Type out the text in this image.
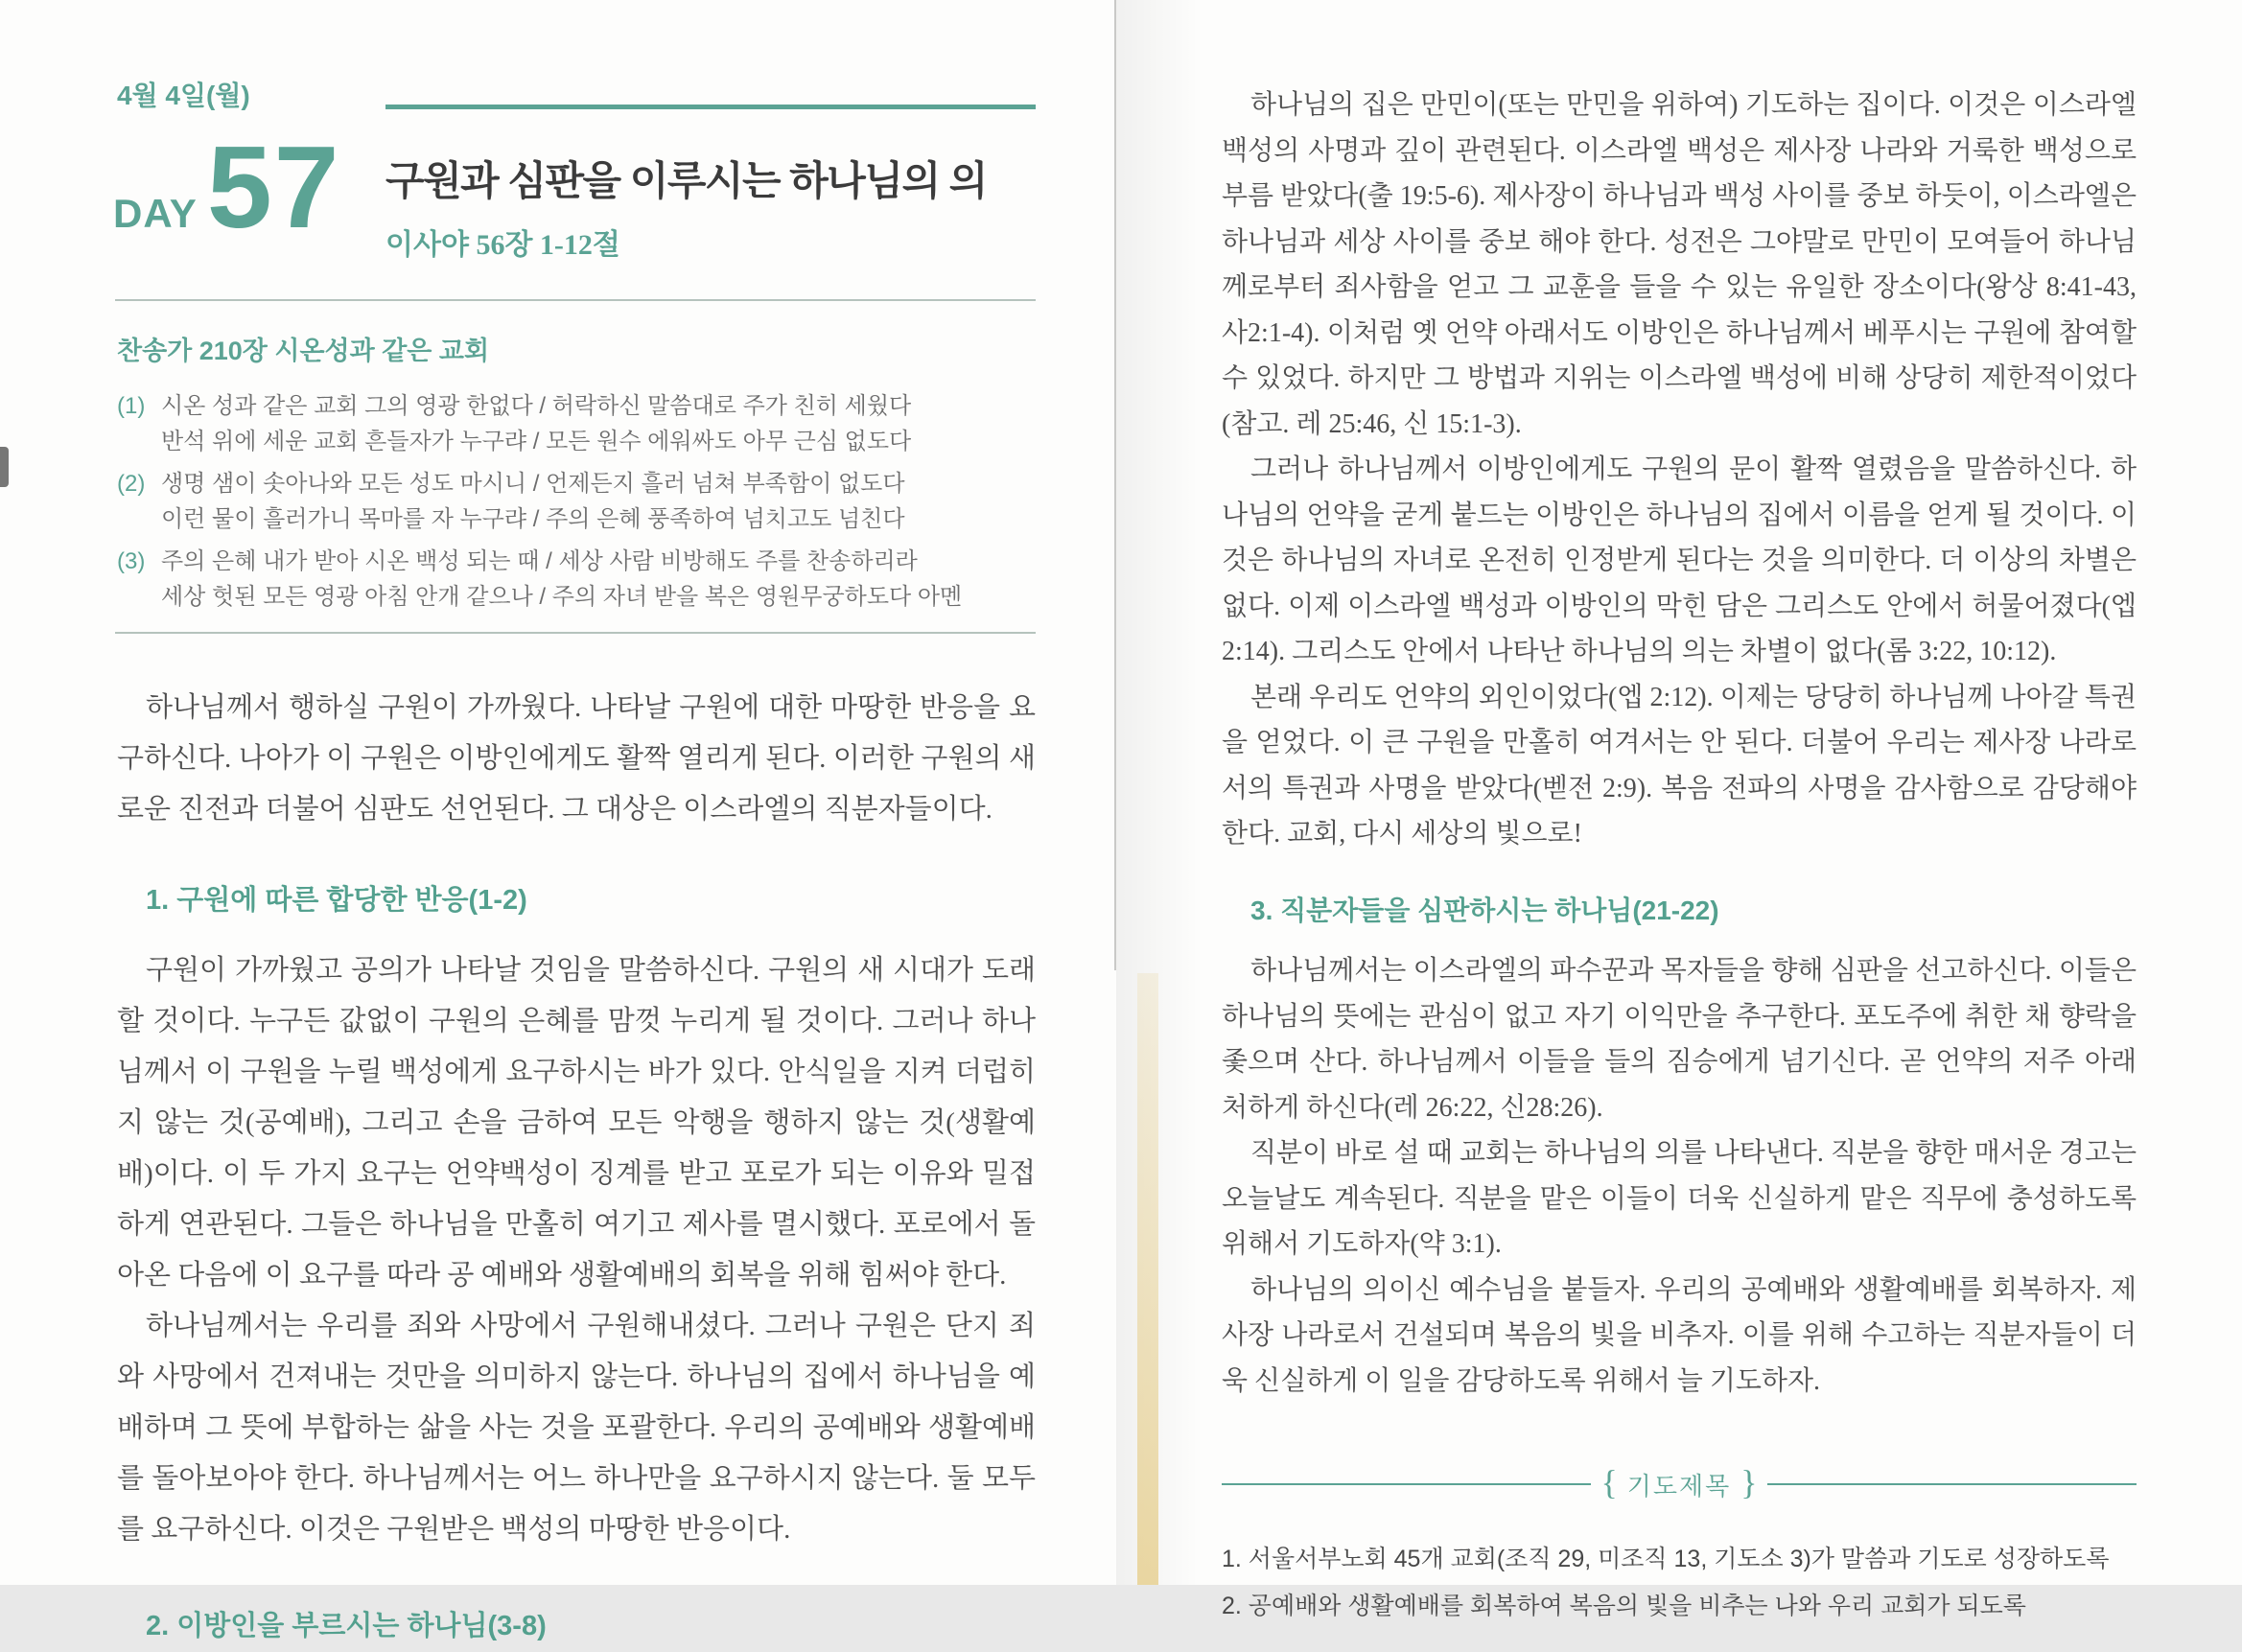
4월 4일(월)
DAY 57 구원과 심판을 이루시는 하나님의 의
이사야 56장 1-12절
찬송가 210장 시온성과 같은 교회
(1) 시온 성과 같은 교회 그의 영광 한없다 / 허락하신 말씀대로 주가 친히 세웠다
반석 위에 세운 교회 흔들자가 누구랴 / 모든 원수 에워싸도 아무 근심 없도다
(2) 생명 샘이 솟아나와 모든 성도 마시니 / 언제든지 흘러 넘쳐 부족함이 없도다
이런 물이 흘러가니 목마를 자 누구랴 / 주의 은혜 풍족하여 넘치고도 넘친다
(3) 주의 은혜 내가 받아 시온 백성 되는 때 / 세상 사람 비방해도 주를 찬송하리라
세상 헛된 모든 영광 아침 안개 같으나 / 주의 자녀 받을 복은 영원무궁하도다 아멘

하나님께서 행하실 구원이 가까웠다. 나타날 구원에 대한 마땅한 반응을 요구하신다. 나아가 이 구원은 이방인에게도 활짝 열리게 된다. 이러한 구원의 새로운 진전과 더불어 심판도 선언된다. 그 대상은 이스라엘의 직분자들이다.

1. 구원에 따른 합당한 반응(1-2)

구원이 가까웠고 공의가 나타날 것임을 말씀하신다. 구원의 새 시대가 도래할 것이다. 누구든 값없이 구원의 은혜를 맘껏 누리게 될 것이다. 그러나 하나님께서 이 구원을 누릴 백성에게 요구하시는 바가 있다. 안식일을 지켜 더럽히지 않는 것(공예배), 그리고 손을 금하여 모든 악행을 행하지 않는 것(생활예배)이다. 이 두 가지 요구는 언약백성이 징계를 받고 포로가 되는 이유와 밀접하게 연관된다. 그들은 하나님을 만홀히 여기고 제사를 멸시했다. 포로에서 돌아온 다음에 이 요구를 따라 공 예배와 생활예배의 회복을 위해 힘써야 한다.

하나님께서는 우리를 죄와 사망에서 구원해내셨다. 그러나 구원은 단지 죄와 사망에서 건져내는 것만을 의미하지 않는다. 하나님의 집에서 하나님을 예배하며 그 뜻에 부합하는 삶을 사는 것을 포괄한다. 우리의 공예배와 생활예배를 돌아보아야 한다. 하나님께서는 어느 하나만을 요구하시지 않는다. 둘 모두를 요구하신다. 이것은 구원받은 백성의 마땅한 반응이다.

2. 이방인을 부르시는 하나님(3-8)

하나님의 집은 만민이(또는 만민을 위하여) 기도하는 집이다. 이것은 이스라엘 백성의 사명과 깊이 관련된다. 이스라엘 백성은 제사장 나라와 거룩한 백성으로 부름 받았다(출 19:5-6). 제사장이 하나님과 백성 사이를 중보 하듯이, 이스라엘은 하나님과 세상 사이를 중보 해야 한다. 성전은 그야말로 만민이 모여들어 하나님께로부터 죄사함을 얻고 그 교훈을 들을 수 있는 유일한 장소이다(왕상 8:41-43, 사2:1-4). 이처럼 옛 언약 아래서도 이방인은 하나님께서 베푸시는 구원에 참여할 수 있었다. 하지만 그 방법과 지위는 이스라엘 백성에 비해 상당히 제한적이었다(참고. 레 25:46, 신 15:1-3).

그러나 하나님께서 이방인에게도 구원의 문이 활짝 열렸음을 말씀하신다. 하나님의 언약을 굳게 붙드는 이방인은 하나님의 집에서 이름을 얻게 될 것이다. 이것은 하나님의 자녀로 온전히 인정받게 된다는 것을 의미한다. 더 이상의 차별은 없다. 이제 이스라엘 백성과 이방인의 막힌 담은 그리스도 안에서 허물어졌다(엡 2:14). 그리스도 안에서 나타난 하나님의 의는 차별이 없다(롬 3:22, 10:12).

본래 우리도 언약의 외인이었다(엡 2:12). 이제는 당당히 하나님께 나아갈 특권을 얻었다. 이 큰 구원을 만홀히 여겨서는 안 된다. 더불어 우리는 제사장 나라로서의 특권과 사명을 받았다(벧전 2:9). 복음 전파의 사명을 감사함으로 감당해야 한다. 교회, 다시 세상의 빛으로!

3. 직분자들을 심판하시는 하나님(21-22)

하나님께서는 이스라엘의 파수꾼과 목자들을 향해 심판을 선고하신다. 이들은 하나님의 뜻에는 관심이 없고 자기 이익만을 추구한다. 포도주에 취한 채 향락을 좇으며 산다. 하나님께서 이들을 들의 짐승에게 넘기신다. 곧 언약의 저주 아래 처하게 하신다(레 26:22, 신28:26).

직분이 바로 설 때 교회는 하나님의 의를 나타낸다. 직분을 향한 매서운 경고는 오늘날도 계속된다. 직분을 맡은 이들이 더욱 신실하게 맡은 직무에 충성하도록 위해서 기도하자(약 3:1).

하나님의 의이신 예수님을 붙들자. 우리의 공예배와 생활예배를 회복하자. 제사장 나라로서 건설되며 복음의 빛을 비추자. 이를 위해 수고하는 직분자들이 더욱 신실하게 이 일을 감당하도록 위해서 늘 기도하자.

{ 기도제목 }
1. 서울서부노회 45개 교회(조직 29, 미조직 13, 기도소 3)가 말씀과 기도로 성장하도록
2. 공예배와 생활예배를 회복하여 복음의 빛을 비추는 나와 우리 교회가 되도록
